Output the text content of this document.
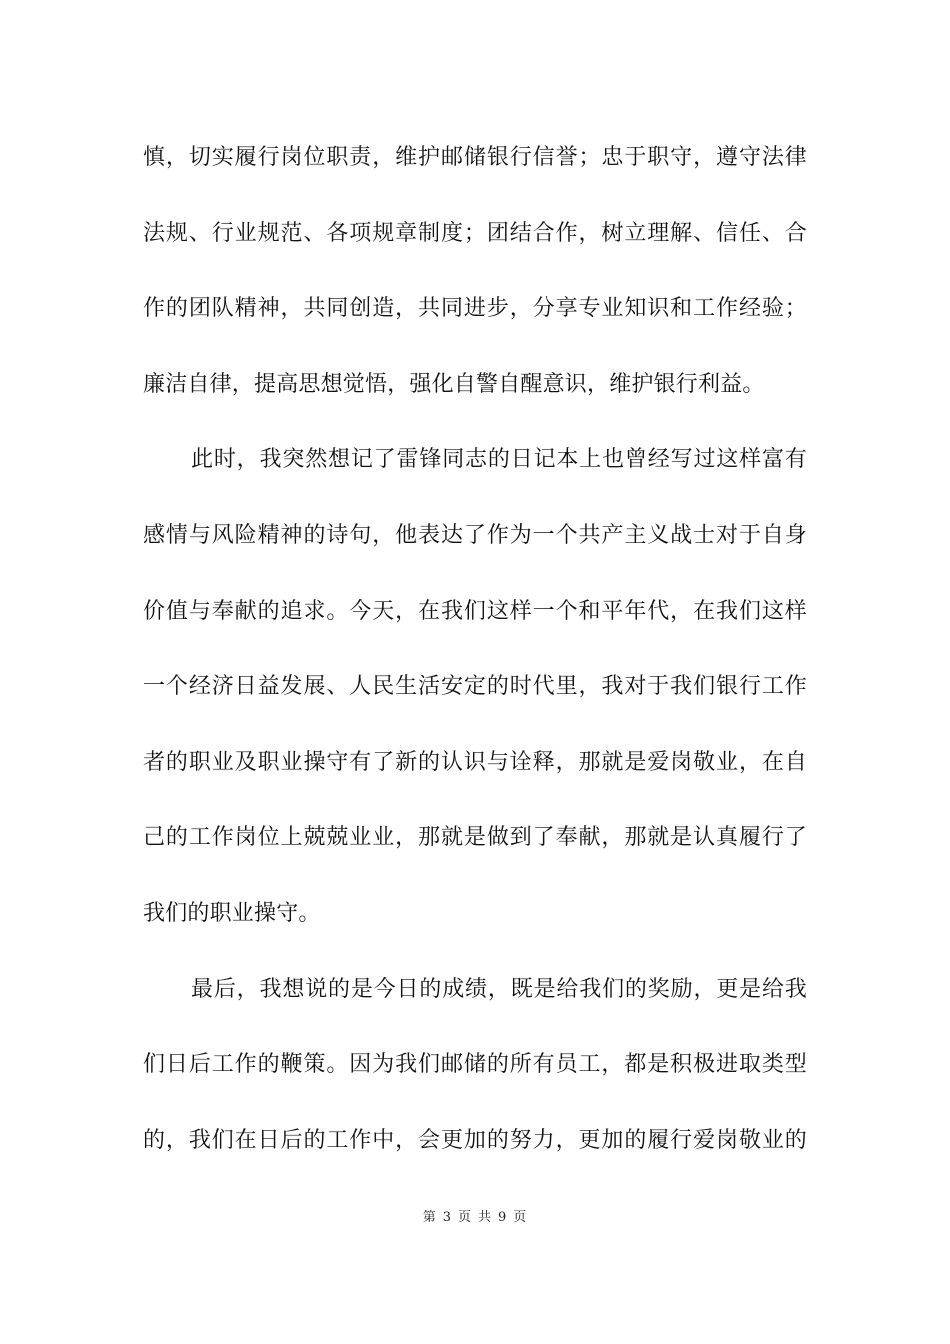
慎，切实履行岗位职责，维护邮储银行信誉；忠于职守，遵守法律
法规、行业规范、各项规章制度；团结合作，树立理解、信任、合
作的团队精神，共同创造，共同进步，分享专业知识和工作经验；
廉洁自律，提高思想觉悟，强化自警自醒意识，维护银行利益。
此时，我突然想记了雷锋同志的日记本上也曾经写过这样富有
感情与风险精神的诗句，他表达了作为一个共产主义战士对于自身
价值与奉献的追求。今天，在我们这样一个和平年代，在我们这样
一个经济日益发展、人民生活安定的时代里，我对于我们银行工作
者的职业及职业操守有了新的认识与诠释，那就是爱岗敬业，在自
己的工作岗位上兢兢业业，那就是做到了奉献，那就是认真履行了
我们的职业操守。
最后，我想说的是今日的成绩，既是给我们的奖励，更是给我
们日后工作的鞭策。因为我们邮储的所有员工，都是积极进取类型
的，我们在日后的工作中，会更加的努力，更加的履行爱岗敬业的
第 3 页 共 9 页
